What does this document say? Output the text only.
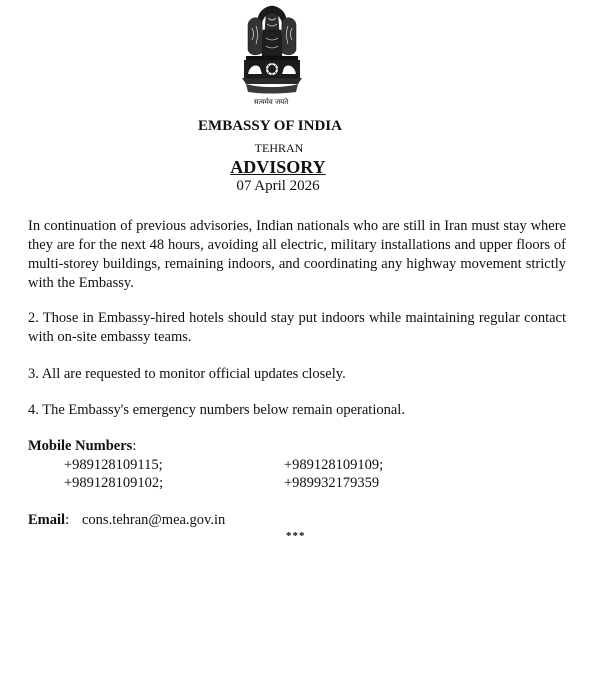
सत्यमेव जयते
EMBASSY OF INDIA
TEHRAN
ADVISORY
07 April 2026
In continuation of previous advisories, Indian nationals who are still in Iran must stay where they are for the next 48 hours, avoiding all electric, military installations and upper floors of multi-storey buildings, remaining indoors, and coordinating any highway movement strictly with the Embassy.
2. Those in Embassy-hired hotels should stay put indoors while maintaining regular contact with on-site embassy teams.
3. All are requested to monitor official updates closely.
4. The Embassy's emergency numbers below remain operational.
Mobile Numbers:
+989128109115;	+989128109109;
+989128109102;	+989932179359
Email: cons.tehran@mea.gov.in
***
